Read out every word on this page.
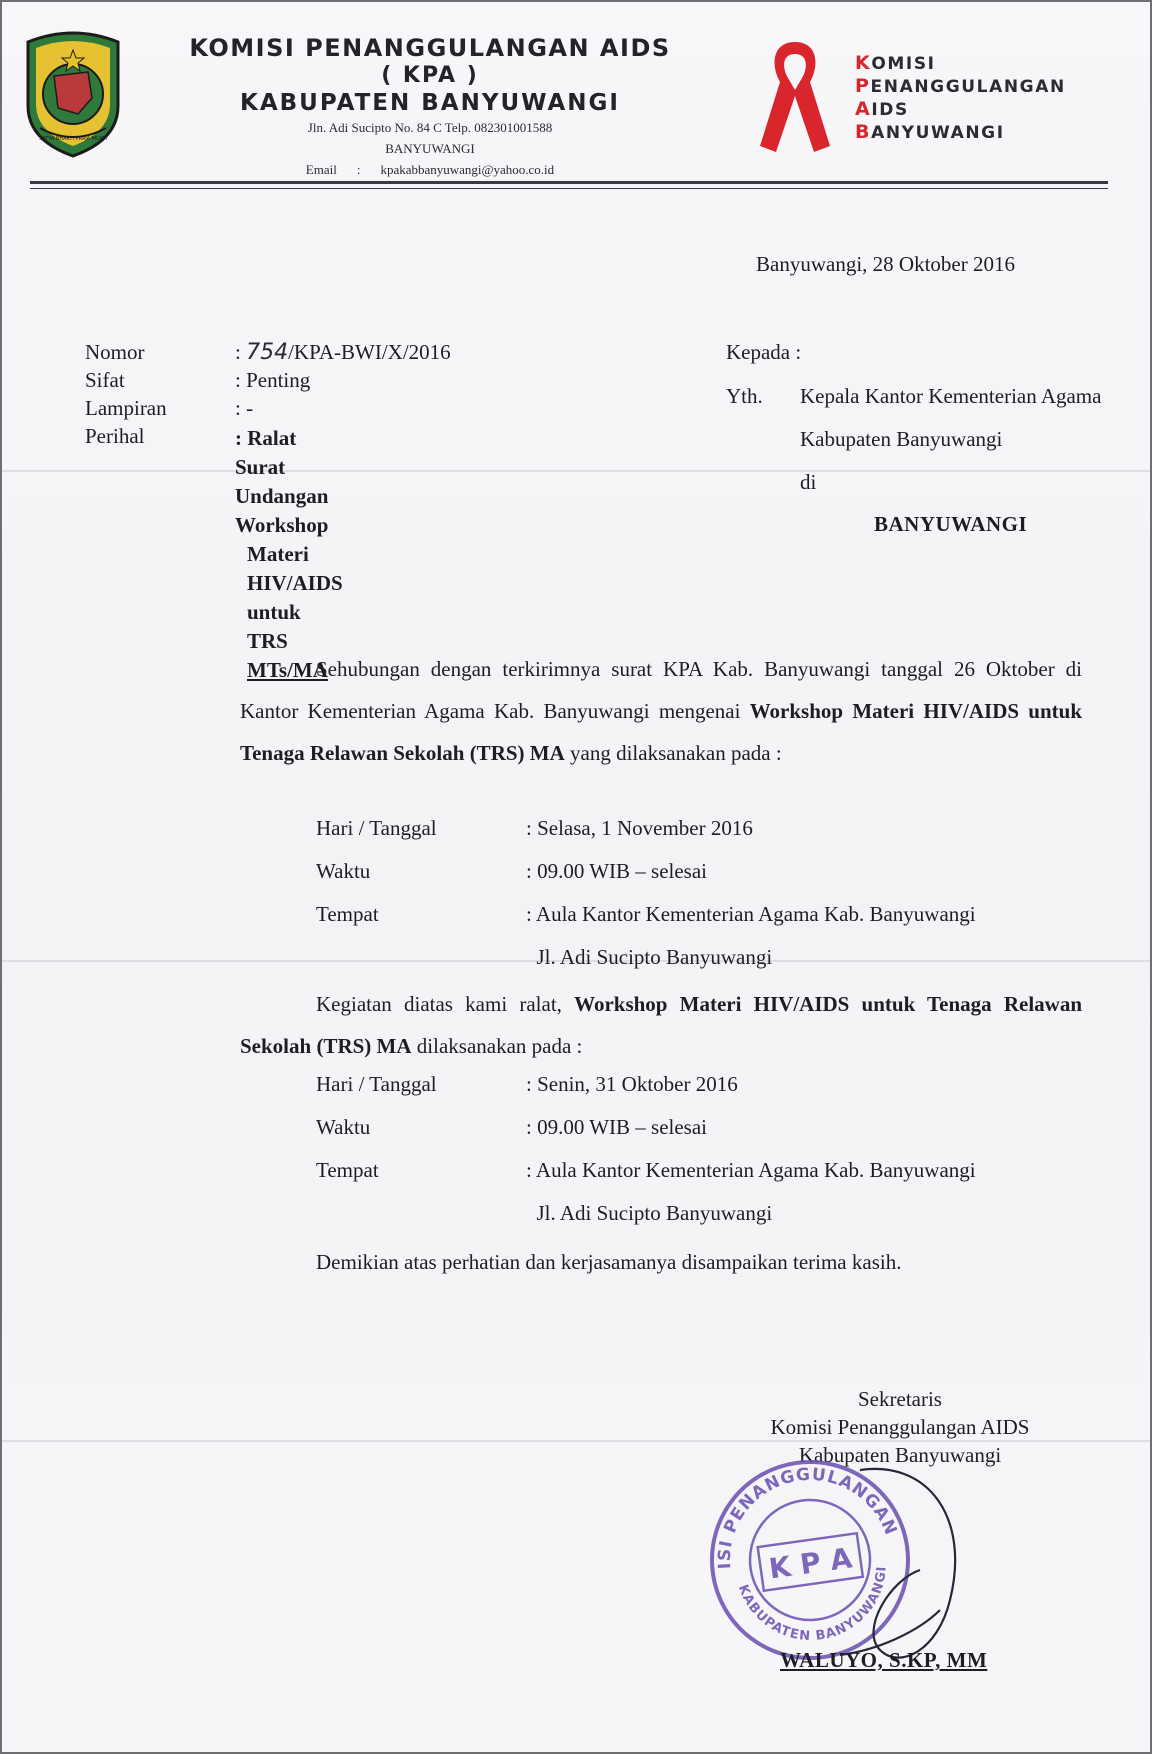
SATYA BHAKTI PRAJA MUKTI
KOMISI PENANGGULANGAN AIDS
( KPA )
KABUPATEN BANYUWANGI
Jln. Adi Sucipto No. 84 C Telp. 082301001588
BANYUWANGI
Email : kpakabbanyuwangi@yahoo.co.id
KOMISI
PENANGGULANGAN
AIDS
BANYUWANGI
Banyuwangi, 28 Oktober 2016
Nomor	: 754/KPA-BWI/X/2016
Sifat	: Penting
Lampiran	: -
Perihal	: Ralat Surat Undangan Workshop
Materi HIV/AIDS untuk TRS
MTs/MA
Kepada :
Yth. Kepala Kantor Kementerian Agama
Kabupaten Banyuwangi
di
BANYUWANGI

Sehubungan dengan terkirimnya surat KPA Kab. Banyuwangi tanggal 26 Oktober di Kantor Kementerian Agama Kab. Banyuwangi mengenai Workshop Materi HIV/AIDS untuk Tenaga Relawan Sekolah (TRS) MA yang dilaksanakan pada :

Hari / Tanggal	: Selasa, 1 November 2016
Waktu	: 09.00 WIB – selesai
Tempat	: Aula Kantor Kementerian Agama Kab. Banyuwangi
Jl. Adi Sucipto Banyuwangi

Kegiatan diatas kami ralat, Workshop Materi HIV/AIDS untuk Tenaga Relawan Sekolah (TRS) MA dilaksanakan pada :

Hari / Tanggal	: Senin, 31 Oktober 2016
Waktu	: 09.00 WIB – selesai
Tempat	: Aula Kantor Kementerian Agama Kab. Banyuwangi
Jl. Adi Sucipto Banyuwangi
Demikian atas perhatian dan kerjasamanya disampaikan terima kasih.
Sekretaris
Komisi Penanggulangan AIDS
Kabupaten Banyuwangi
KOMISI PENANGGULANGAN
KABUPATEN BANYUWANGI
K P A
WALUYO, S.KP, MM
